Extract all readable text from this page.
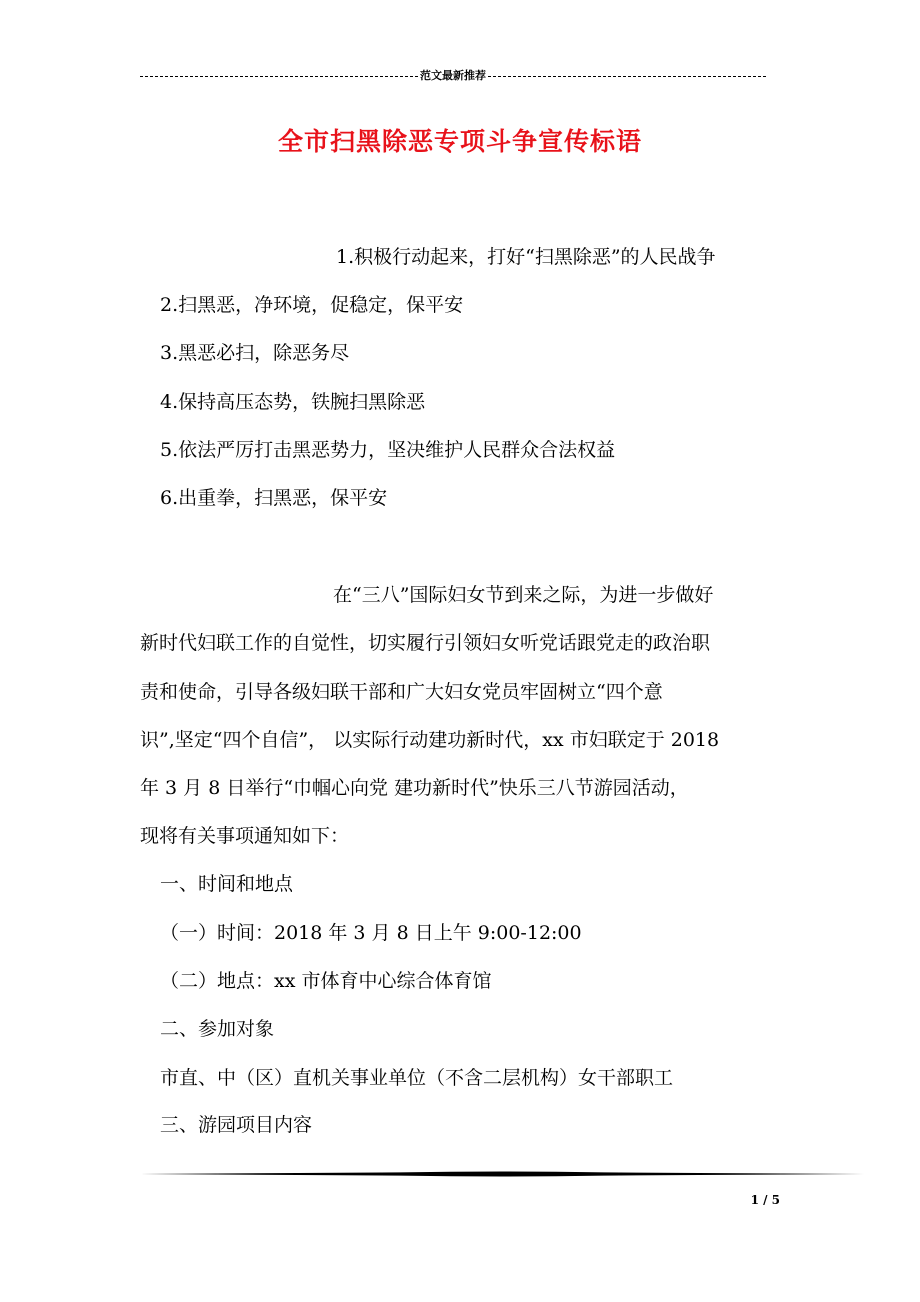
范文最新推荐
全市扫黑除恶专项斗争宣传标语
1.积极行动起来，打好“扫黑除恶”的人民战争
2.扫黑恶，净环境，促稳定，保平安
3.黑恶必扫，除恶务尽
4.保持高压态势，铁腕扫黑除恶
5.依法严厉打击黑恶势力，坚决维护人民群众合法权益
6.出重拳，扫黑恶，保平安
在“三八”国际妇女节到来之际，为进一步做好
新时代妇联工作的自觉性，切实履行引领妇女听党话跟党走的政治职
责和使命，引导各级妇联干部和广大妇女党员牢固树立“四个意
识”,坚定“四个自信”， 以实际行动建功新时代，xx 市妇联定于 2018
年 3 月 8 日举行“巾帼心向党 建功新时代”快乐三八节游园活动，
现将有关事项通知如下：
一、时间和地点
（一）时间：2018 年 3 月 8 日上午 9:00-12:00
（二）地点：xx 市体育中心综合体育馆
二、参加对象
市直、中（区）直机关事业单位（不含二层机构）女干部职工
三、游园项目内容
1 / 5
